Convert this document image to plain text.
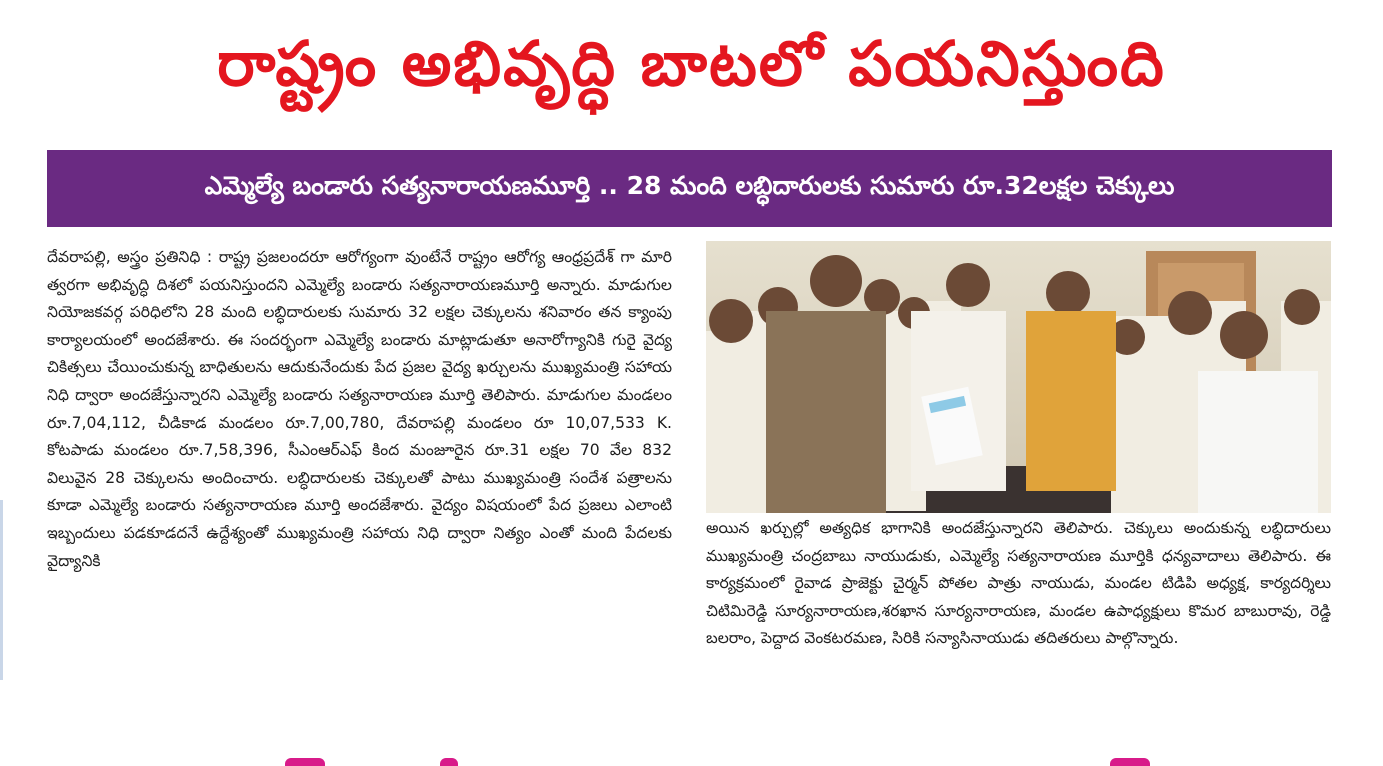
రాష్ట్రం అభివృద్ధి బాటలో పయనిస్తుంది
ఎమ్మెల్యే బండారు సత్యనారాయణమూర్తి .. 28 మంది లబ్ధిదారులకు సుమారు రూ.32లక్షల చెక్కులు

దేవరాపల్లి, అస్త్రం ప్రతినిధి : రాష్ట్ర ప్రజలందరూ ఆరోగ్యంగా వుంటేనే రాష్ట్రం ఆరోగ్య ఆంధ్రప్రదేశ్ గా మారి త్వరగా అభివృద్ధి దిశలో పయనిస్తుందని ఎమ్మెల్యే బండారు సత్యనారాయణమూర్తి అన్నారు. మాడుగుల నియోజకవర్గ పరిధిలోని 28 మంది లబ్ధిదారులకు సుమారు 32 లక్షల చెక్కులను శనివారం తన క్యాంపు కార్యాలయంలో అందజేశారు. ఈ సందర్భంగా ఎమ్మెల్యే బండారు మాట్లాడుతూ అనారోగ్యానికి గురై వైద్య చికిత్సలు చేయించుకున్న బాధితులను ఆదుకునేందుకు పేద ప్రజల వైద్య ఖర్చులను ముఖ్యమంత్రి సహాయ నిధి ద్వారా అందజేస్తున్నారని ఎమ్మెల్యే బండారు సత్యనారాయణ మూర్తి తెలిపారు. మాడుగుల మండలం రూ.7,04,112, చీడికాడ మండలం రూ.7,00,780, దేవరాపల్లి మండలం రూ 10,07,533 K. కోటపాడు మండలం రూ.7,58,396, సీఎంఆర్ఎఫ్ కింద మంజూరైన రూ.31 లక్షల 70 వేల 832 విలువైన 28 చెక్కులను అందించారు. లబ్ధిదారులకు చెక్కులతో పాటు ముఖ్యమంత్రి సందేశ పత్రాలను కూడా ఎమ్మెల్యే బండారు సత్యనారాయణ మూర్తి అందజేశారు. వైద్యం విషయంలో పేద ప్రజలు ఎలాంటి ఇబ్బందులు పడకూడదనే ఉద్దేశ్యంతో ముఖ్యమంత్రి సహాయ నిధి ద్వారా నిత్యం ఎంతో మంది పేదలకు వైద్యానికి

అయిన ఖర్చుల్లో అత్యధిక భాగానికి అందజేస్తున్నారని తెలిపారు. చెక్కులు అందుకున్న లబ్ధిదారులు ముఖ్యమంత్రి చంద్రబాబు నాయుడుకు, ఎమ్మెల్యే సత్యనారాయణ మూర్తికి ధన్యవాదాలు తెలిపారు. ఈ కార్యక్రమంలో రైవాడ ప్రాజెక్టు చైర్మన్ పోతల పాత్రు నాయుడు, మండల టిడిపి అధ్యక్ష, కార్యదర్శిలు చిటిమిరెడ్డి సూర్యనారాయణ,శరఖాన సూర్యనారాయణ, మండల ఉపాధ్యక్షులు కొమర బాబురావు, రెడ్డి బలరాం, పెద్దాద వెంకటరమణ, సిరికి సన్యాసినాయుడు తదితరులు పాల్గొన్నారు.
